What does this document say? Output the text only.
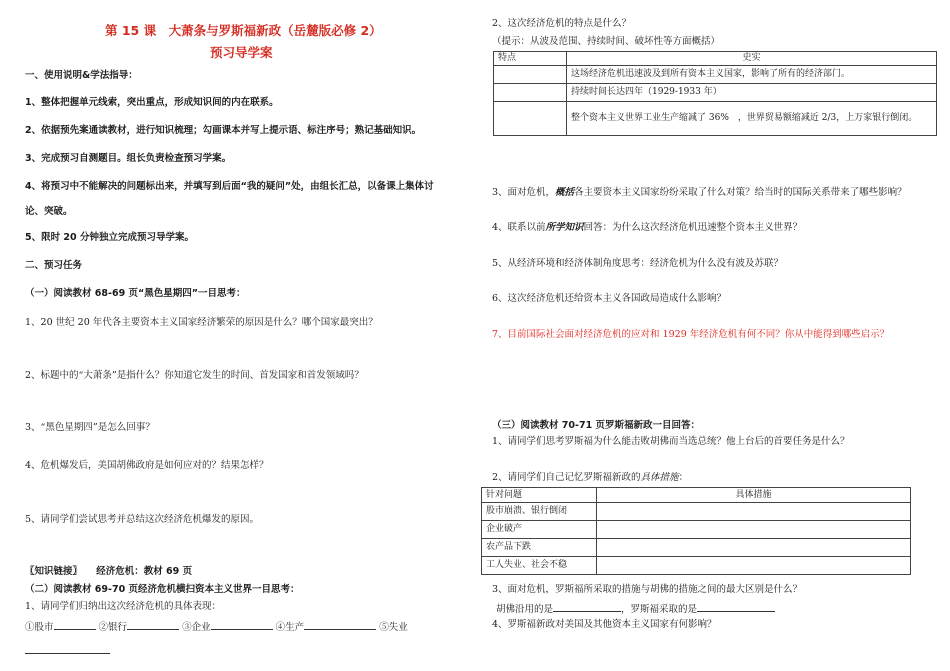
第 15 课　大萧条与罗斯福新政（岳麓版必修 2）
预习导学案
一、使用说明&学法指导：
1、整体把握单元线索，突出重点，形成知识间的内在联系。
2、依据预先案通读教材，进行知识梳理；勾画课本并写上提示语、标注序号；熟记基础知识。
3、完成预习自测题目。组长负责检查预习学案。
4、将预习中不能解决的问题标出来，并填写到后面“我的疑问”处，由组长汇总，以备课上集体讨
论、突破。
5、限时 20 分钟独立完成预习导学案。
二、预习任务
（一）阅读教材 68-69 页“黑色星期四”一目思考：
1、20 世纪 20 年代各主要资本主义国家经济繁荣的原因是什么？哪个国家最突出？
2、标题中的“大萧条”是指什么？你知道它发生的时间、首发国家和首发领域吗？
3、“黑色星期四”是怎么回事？
4、危机爆发后，美国胡佛政府是如何应对的？结果怎样？
5、请同学们尝试思考并总结这次经济危机爆发的原因。
〖知识链接〗　　经济危机：教材 69 页
（二）阅读教材 69-70 页经济危机横扫资本主义世界一目思考：
1、请同学们归纳出这次经济危机的具体表现：
①股市	②银行	③企业	④生产	⑤失业
2、这次经济危机的特点是什么？
（提示：从波及范围、持续时间、破坏性等方面概括）
特点	史实
	这场经济危机迅速波及到所有资本主义国家，影响了所有的经济部门。
	持续时间长达四年（1929-1933 年）
	整个资本主义世界工业生产缩减了 36%　，世界贸易额缩减近 2/3，上万家银行倒闭。
3、面对危机，概括各主要资本主义国家纷纷采取了什么对策？给当时的国际关系带来了哪些影响？
4、联系以前所学知识回答：为什么这次经济危机迅速整个资本主义世界？
5、从经济环境和经济体制角度思考：经济危机为什么没有波及苏联？
6、这次经济危机还给资本主义各国政局造成什么影响？
7、目前国际社会面对经济危机的应对和 1929 年经济危机有何不同？你从中能得到哪些启示？
（三）阅读教材 70-71 页罗斯福新政一目回答：
1、请同学们思考罗斯福为什么能击败胡佛而当选总统？他上台后的首要任务是什么？
2、请同学们自己记忆罗斯福新政的具体措施：
针对问题	具体措施
股市崩溃、银行倒闭	
企业破产	
农产品下跌	
工人失业、社会不稳	
3、面对危机，罗斯福所采取的措施与胡佛的措施之间的最大区别是什么？
胡佛沿用的是	，罗斯福采取的是
4、罗斯福新政对美国及其他资本主义国家有何影响？
